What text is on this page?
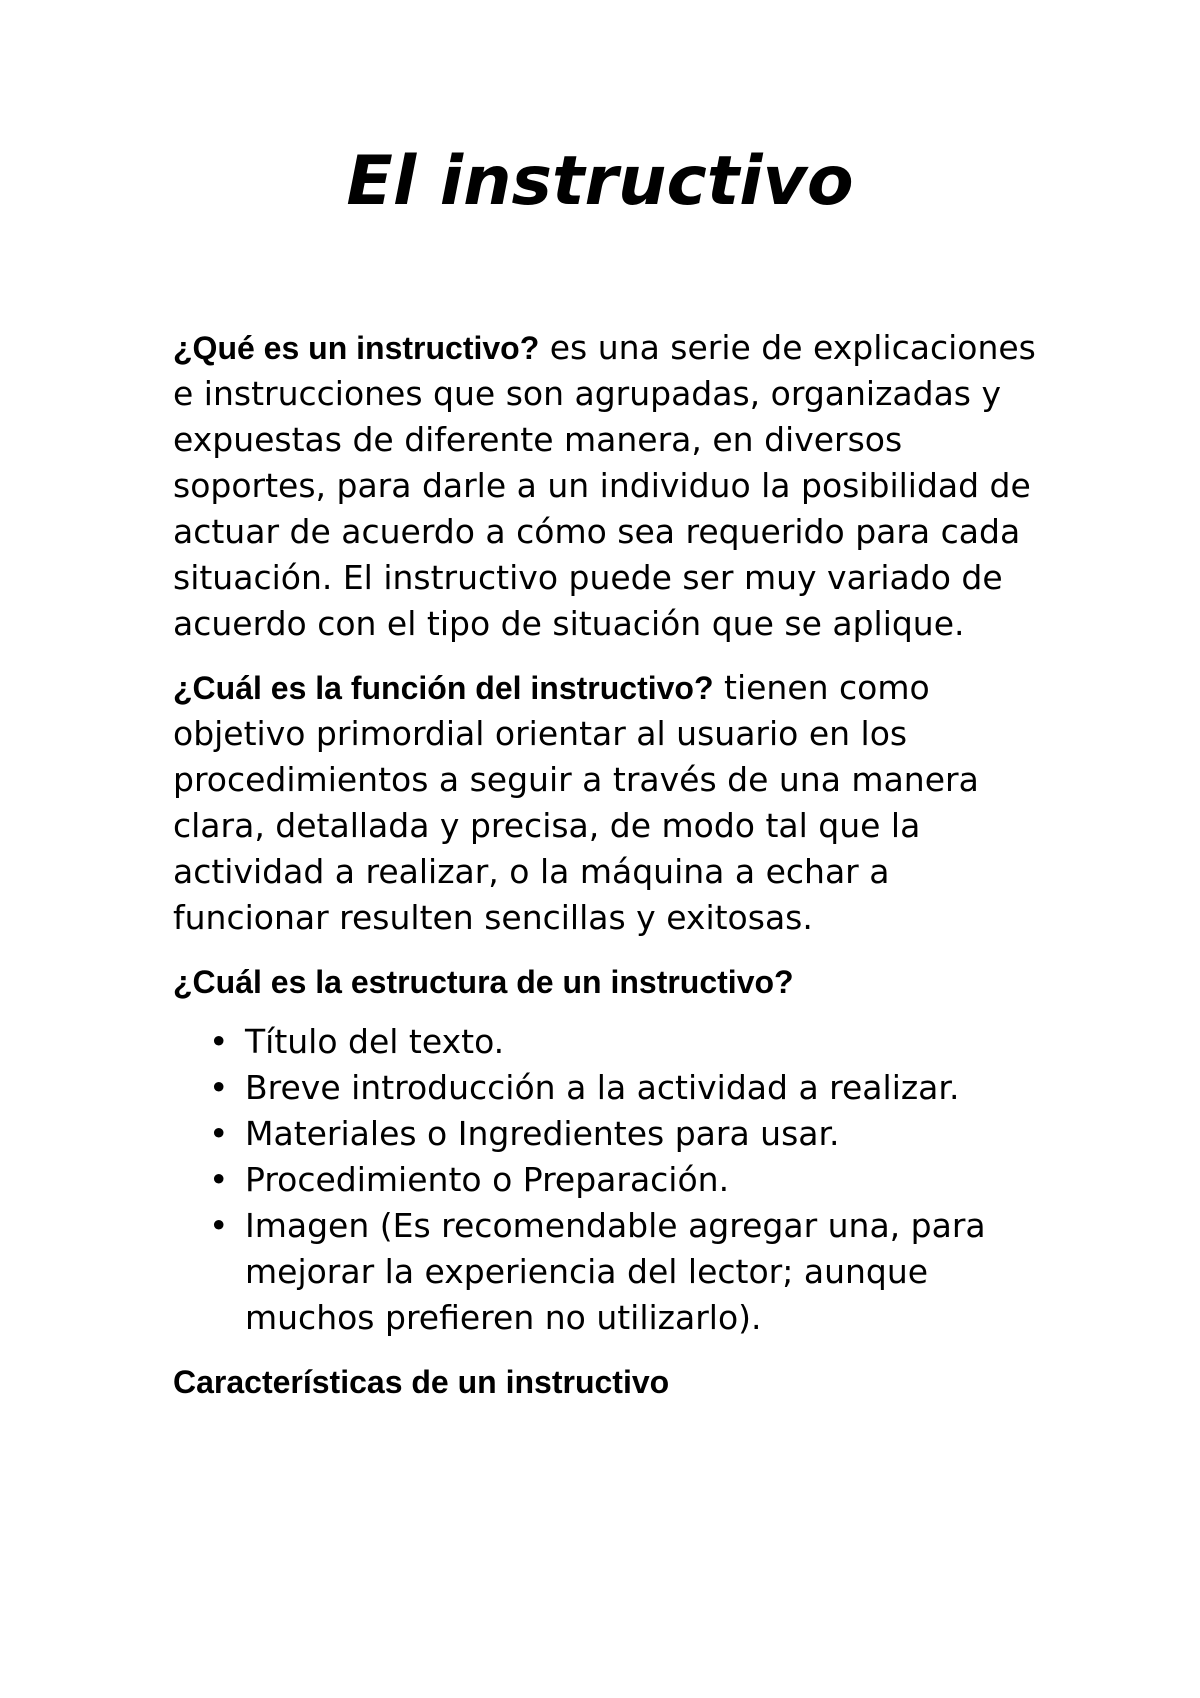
El instructivo

¿Qué es un instructivo? es una serie de explicaciones e instrucciones que son agrupadas, organizadas y expuestas de diferente manera, en diversos soportes, para darle a un individuo la posibilidad de actuar de acuerdo a cómo sea requerido para cada situación. El instructivo puede ser muy variado de acuerdo con el tipo de situación que se aplique.

¿Cuál es la función del instructivo? tienen como objetivo primordial orientar al usuario en los procedimientos a seguir a través de una manera clara, detallada y precisa, de modo tal que la actividad a realizar, o la máquina a echar a funcionar resulten sencillas y exitosas.

¿Cuál es la estructura de un instructivo?

• Título del texto.
• Breve introducción a la actividad a realizar.
• Materiales o Ingredientes para usar.
• Procedimiento o Preparación.
• Imagen (Es recomendable agregar una, para mejorar la experiencia del lector; aunque muchos prefieren no utilizarlo).

Características de un instructivo
